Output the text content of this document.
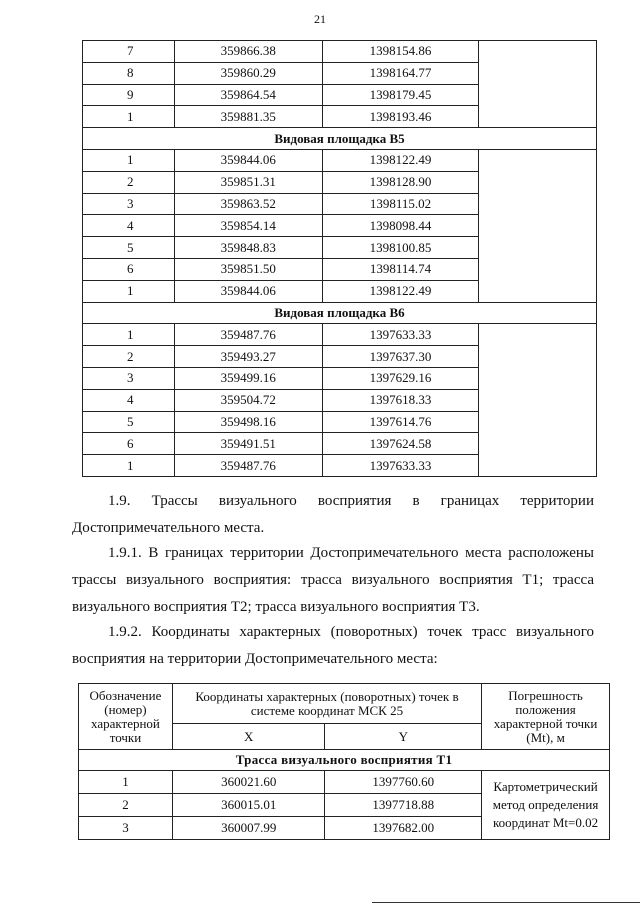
21
7	359866.38	1398154.86	
8	359860.29	1398164.77	
9	359864.54	1398179.45	
1	359881.35	1398193.46	
Видовая площадка В5			
1	359844.06	1398122.49	
2	359851.31	1398128.90	
3	359863.52	1398115.02	
4	359854.14	1398098.44	
5	359848.83	1398100.85	
6	359851.50	1398114.74	
1	359844.06	1398122.49	
Видовая площадка В6			
1	359487.76	1397633.33	
2	359493.27	1397637.30	
3	359499.16	1397629.16	
4	359504.72	1397618.33	
5	359498.16	1397614.76	
6	359491.51	1397624.58	
1	359487.76	1397633.33	

1.9. Трассы визуального восприятия в границах территории Достопримечательного места.

1.9.1. В границах территории Достопримечательного места расположены трассы визуального восприятия: трасса визуального восприятия Т1; трасса визуального восприятия Т2; трасса визуального восприятия Т3.

1.9.2. Координаты характерных (поворотных) точек трасс визуального восприятия на территории Достопримечательного места:

Обозначение (номер) характерной точки	Координаты характерных (поворотных) точек в системе координат МСК 25		Погрешность положения характерной точки (Mt), м
	X	Y	
Трасса визуального восприятия Т1			
1	360021.60	1397760.60	Картометрический метод определения координат Mt=0.02
2	360015.01	1397718.88	
3	360007.99	1397682.00	
